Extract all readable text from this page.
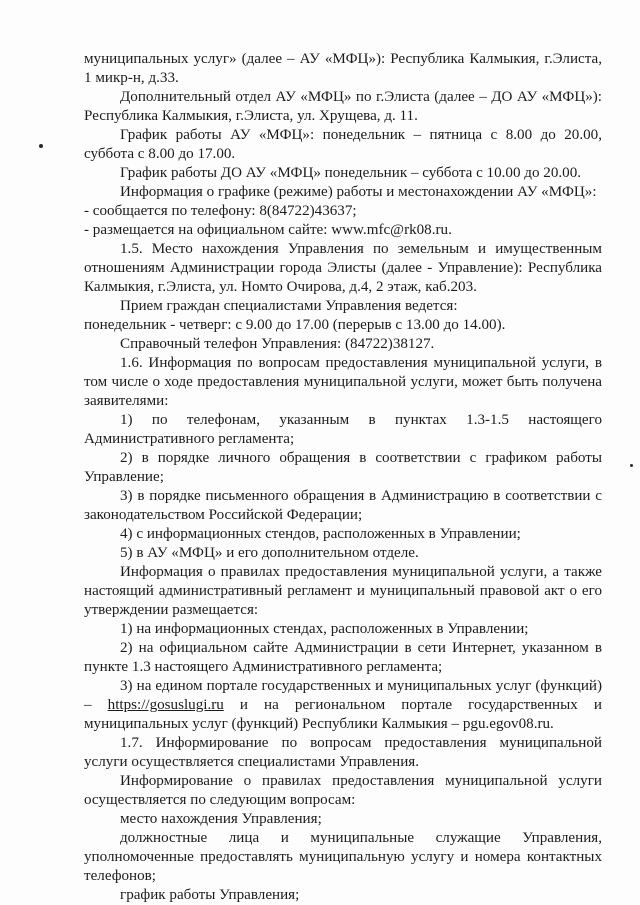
муниципальных услуг» (далее – АУ «МФЦ»): Республика Калмыкия, г.Элиста, 1 микр-н, д.33.

Дополнительный отдел АУ «МФЦ» по г.Элиста (далее – ДО АУ «МФЦ»): Республика Калмыкия, г.Элиста, ул. Хрущева, д. 11.

График работы АУ «МФЦ»: понедельник – пятница с 8.00 до 20.00, суббота с 8.00 до 17.00.

График работы ДО АУ «МФЦ» понедельник – суббота с 10.00 до 20.00.

Информация о графике (режиме) работы и местонахождении АУ «МФЦ»:

- сообщается по телефону: 8(84722)43637;

- размещается на официальном сайте: www.mfc@rk08.ru.

1.5. Место нахождения Управления по земельным и имущественным отношениям Администрации города Элисты (далее - Управление): Республика Калмыкия, г.Элиста, ул. Номто Очирова, д.4, 2 этаж, каб.203.

Прием граждан специалистами Управления ведется:

понедельник - четверг: с 9.00 до 17.00 (перерыв с 13.00 до 14.00).

Справочный телефон Управления: (84722)38127.

1.6. Информация по вопросам предоставления муниципальной услуги, в том числе о ходе предоставления муниципальной услуги, может быть получена заявителями:

1) по телефонам, указанным в пунктах 1.3-1.5 настоящего Административного регламента;

2) в порядке личного обращения в соответствии с графиком работы Управление;

3) в порядке письменного обращения в Администрацию в соответствии с законодательством Российской Федерации;

4) с информационных стендов, расположенных в Управлении;

5) в АУ «МФЦ» и его дополнительном отделе.

Информация о правилах предоставления муниципальной услуги, а также настоящий административный регламент и муниципальный правовой акт о его утверждении размещается:

1) на информационных стендах, расположенных в Управлении;

2) на официальном сайте Администрации в сети Интернет, указанном в пункте 1.3 настоящего Административного регламента;

3) на едином портале государственных и муниципальных услуг (функций) – https://gosuslugi.ru и на региональном портале государственных и муниципальных услуг (функций) Республики Калмыкия – pgu.egov08.ru.

1.7. Информирование по вопросам предоставления муниципальной услуги осуществляется специалистами Управления.

Информирование о правилах предоставления муниципальной услуги осуществляется по следующим вопросам:

место нахождения Управления;

должностные лица и муниципальные служащие Управления, уполномоченные предоставлять муниципальную услугу и номера контактных телефонов;

график работы Управления;
